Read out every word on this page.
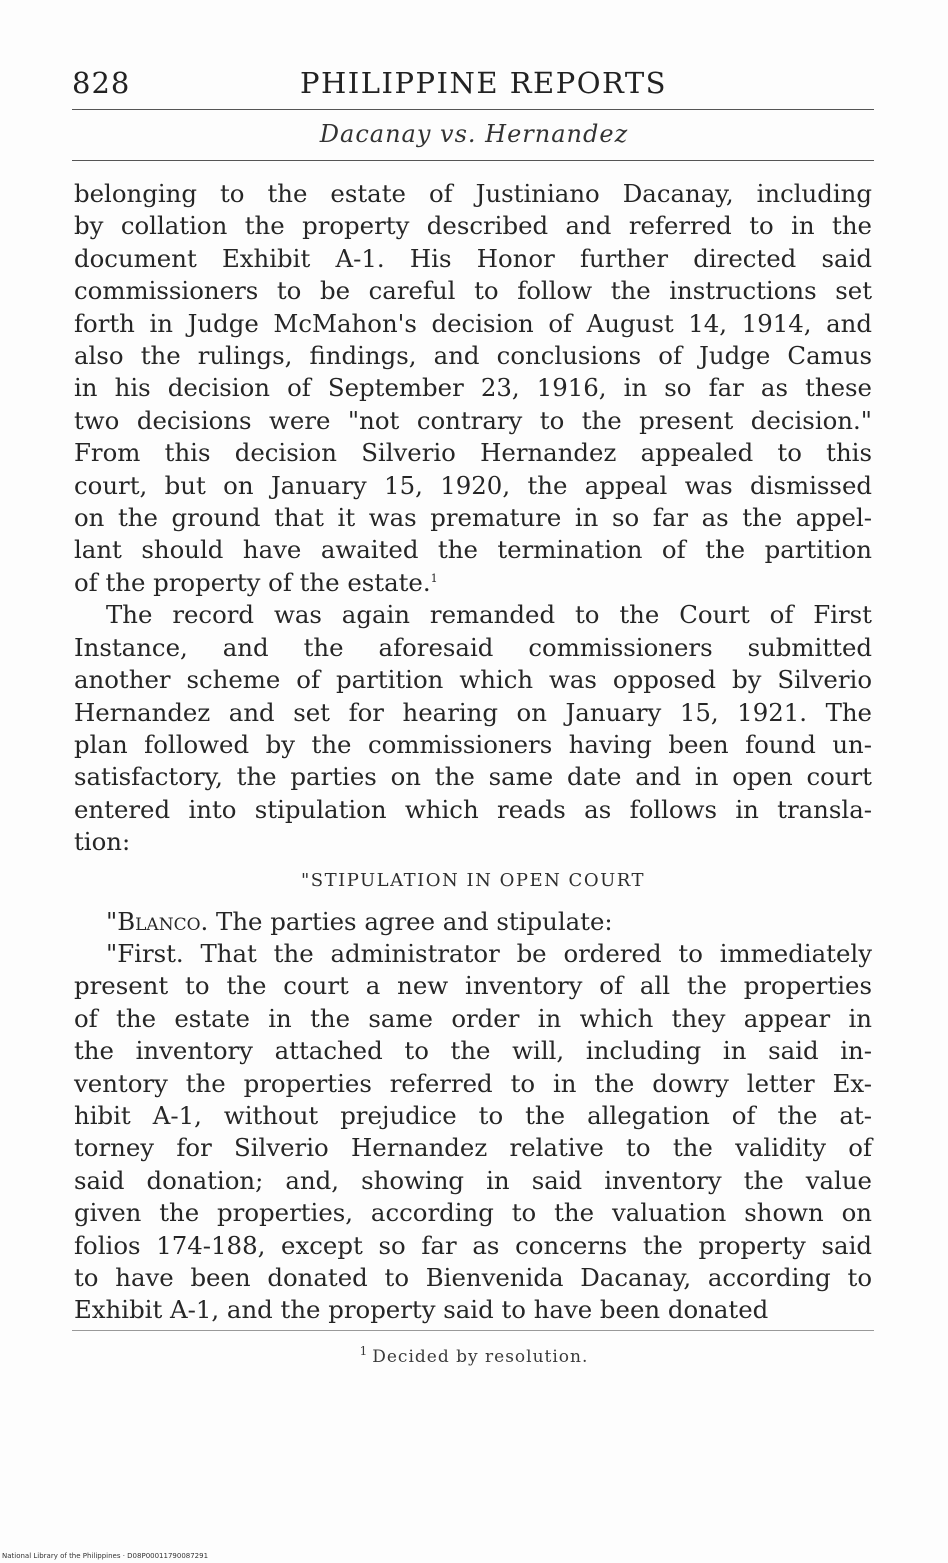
828	PHILIPPINE REPORTS
Dacanay vs. Hernandez
belonging to the estate of Justiniano Dacanay, including
by collation the property described and referred to in the
document Exhibit A-1. His Honor further directed said
commissioners to be careful to follow the instructions set
forth in Judge McMahon's decision of August 14, 1914, and
also the rulings, findings, and conclusions of Judge Camus
in his decision of September 23, 1916, in so far as these
two decisions were "not contrary to the present decision."
From this decision Silverio Hernandez appealed to this
court, but on January 15, 1920, the appeal was dismissed
on the ground that it was premature in so far as the appel-
lant should have awaited the termination of the partition
of the property of the estate.$^1$
The record was again remanded to the Court of First
Instance, and the aforesaid commissioners submitted
another scheme of partition which was opposed by Silverio
Hernandez and set for hearing on January 15, 1921. The
plan followed by the commissioners having been found un-
satisfactory, the parties on the same date and in open court
entered into stipulation which reads as follows in transla-
tion:
"STIPULATION IN OPEN COURT
"Blanco. The parties agree and stipulate:
"First. That the administrator be ordered to immediately
present to the court a new inventory of all the properties
of the estate in the same order in which they appear in
the inventory attached to the will, including in said in-
ventory the properties referred to in the dowry letter Ex-
hibit A-1, without prejudice to the allegation of the at-
torney for Silverio Hernandez relative to the validity of
said donation; and, showing in said inventory the value
given the properties, according to the valuation shown on
folios 174-188, except so far as concerns the property said
to have been donated to Bienvenida Dacanay, according to
Exhibit A-1, and the property said to have been donated
$^1$ Decided by resolution.
National Library of the Philippines · D08P00011790087291
